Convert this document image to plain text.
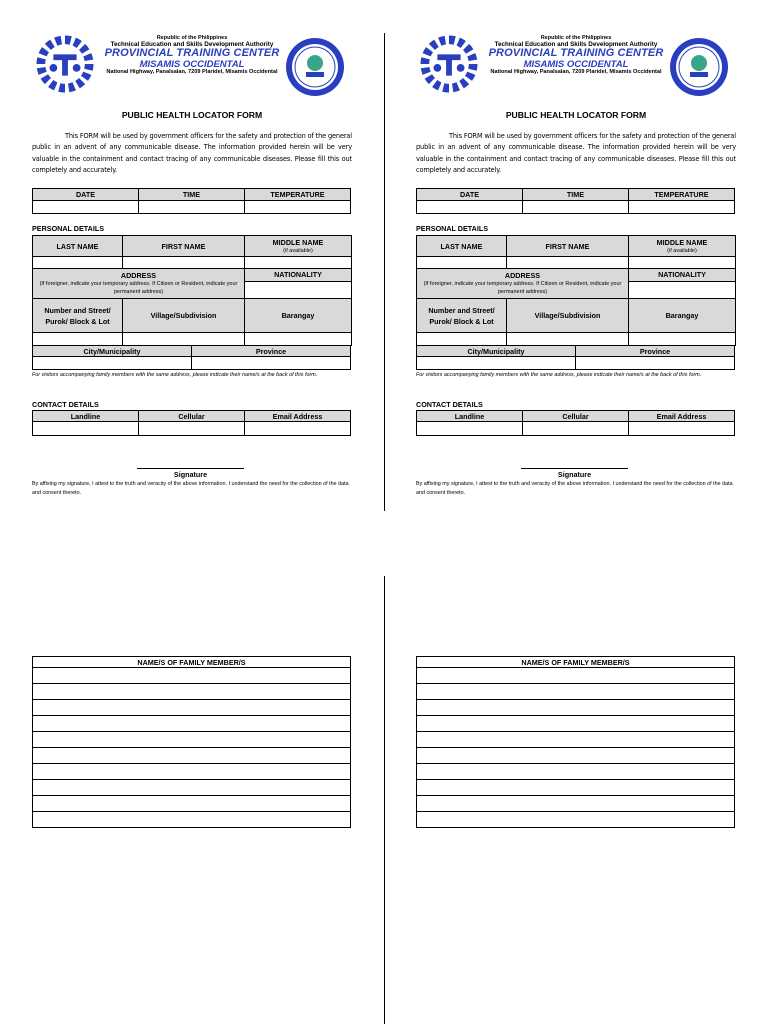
Republic of the Philippines
Technical Education and Skills Development Authority
PROVINCIAL TRAINING CENTER
MISAMIS OCCIDENTAL
National Highway, Panalsalan, 7209 Plaridel, Misamis Occidental
PUBLIC HEALTH LOCATOR FORM
This FORM will be used by government officers for the safety and protection of the general public in an advent of any communicable disease. The information provided herein will be very valuable in the containment and contact tracing of any communicable diseases. Please fill this out completely and accurately.
DATE	TIME	TEMPERATURE

PERSONAL DETAILS
LAST NAME	FIRST NAME	MIDDLE NAME
(if available)

ADDRESS
(If foreigner, indicate your temporary address. If Citizen or Resident, indicate your permanent address)		NATIONALITY

Number and Street/ Purok/ Block & Lot	Village/Subdivision	Barangay

City/Municipality	Province

For visitors accompanying family members with the same address, please indicate their name/s at the back of this form.
CONTACT DETAILS
Landline	Cellular	Email Address

Signature
By affixing my signature, I attest to the truth and veracity of the above information. I understand the need for the collection of the data and consent thereto.
Republic of the Philippines
Technical Education and Skills Development Authority
PROVINCIAL TRAINING CENTER
MISAMIS OCCIDENTAL
National Highway, Panalsalan, 7209 Plaridel, Misamis Occidental
PUBLIC HEALTH LOCATOR FORM
This FORM will be used by government officers for the safety and protection of the general public in an advent of any communicable disease. The information provided herein will be very valuable in the containment and contact tracing of any communicable diseases. Please fill this out completely and accurately.
DATE	TIME	TEMPERATURE

PERSONAL DETAILS
LAST NAME	FIRST NAME	MIDDLE NAME
(if available)

ADDRESS
(If foreigner, indicate your temporary address. If Citizen or Resident, indicate your permanent address)		NATIONALITY

Number and Street/ Purok/ Block & Lot	Village/Subdivision	Barangay

City/Municipality	Province

For visitors accompanying family members with the same address, please indicate their name/s at the back of this form.
CONTACT DETAILS
Landline	Cellular	Email Address

Signature
By affixing my signature, I attest to the truth and veracity of the above information. I understand the need for the collection of the data and consent thereto.
NAME/S OF FAMILY MEMBER/S	NAME/S OF FAMILY MEMBER/S
